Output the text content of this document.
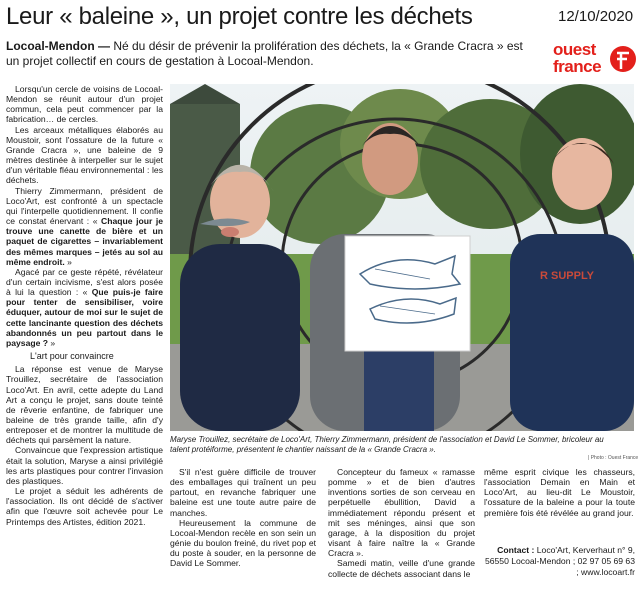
Leur « baleine », un projet contre les déchets	12/10/2020
Locoal-Mendon — Né du désir de prévenir la prolifération des déchets, la « Grande Cracra » est un projet collectif en cours de gestation à Locoal-Mendon.
ouest
france

Lorsqu'un cercle de voisins de Locoal-Mendon se réunit autour d'un projet commun, cela peut commencer par la fabrication… de cercles.

Les arceaux métalliques élaborés au Moustoir, sont l'ossature de la future « Grande Cracra », une baleine de 9 mètres destinée à interpeller sur le sujet d'un véritable fléau environnemental : les déchets.

Thierry Zimmermann, président de Loco'Art, est confronté à un spectacle qui l'interpelle quotidiennement. Il confie ce constat énervant : « Chaque jour je trouve une canette de bière et un paquet de cigarettes – invariablement des mêmes marques – jetés au sol au même endroit. »

Agacé par ce geste répété, révélateur d'un certain incivisme, s'est alors posée à lui la question : « Que puis-je faire pour tenter de sensibiliser, voire éduquer, autour de moi sur le sujet de cette lancinante question des déchets abandonnés un peu partout dans le paysage ? »

L'art pour convaincre

La réponse est venue de Maryse Trouillez, secrétaire de l'association Loco'Art. En avril, cette adepte du Land Art a conçu le projet, sans doute teinté de rêverie enfantine, de fabriquer une baleine de très grande taille, afin d'y entreposer et de montrer la multitude de déchets qui parsèment la nature.

Convaincue que l'expression artistique était la solution, Maryse a ainsi privilégié les arts plastiques pour contrer l'invasion des plastiques.

Le projet a séduit les adhérents de l'association. Ils ont décidé de s'activer afin que l'œuvre soit achevée pour Le Printemps des Artistes, édition 2021.

R SUPPLY
Maryse Trouillez, secrétaire de Loco'Art, Thierry Zimmermann, président de l'association et David Le Sommer, bricoleur au talent protéiforme, présentent le chantier naissant de la « Grande Cracra ».
| Photo : Ouest France

S'il n'est guère difficile de trouver des emballages qui traînent un peu partout, en revanche fabriquer une baleine est une toute autre paire de manches.

Heureusement la commune de Locoal-Mendon recèle en son sein un génie du boulon freiné, du rivet pop et du poste à souder, en la personne de David Le Sommer.

Concepteur du fameux « ramasse pomme » et de bien d'autres inventions sorties de son cerveau en perpétuelle ébullition, David a immédiatement répondu présent et mit ses méninges, ainsi que son garage, à la disposition du projet visant à faire naître la « Grande Cracra ».

Samedi matin, veille d'une grande collecte de déchets associant dans le

même esprit civique les chasseurs, l'association Demain en Main et Loco'Art, au lieu-dit Le Moustoir, l'ossature de la baleine a pour la toute première fois été révélée au grand jour.

Contact : Loco'Art, Kerverhaut n° 9, 56550 Locoal-Mendon ; 02 97 05 69 63 ; www.locoart.fr
